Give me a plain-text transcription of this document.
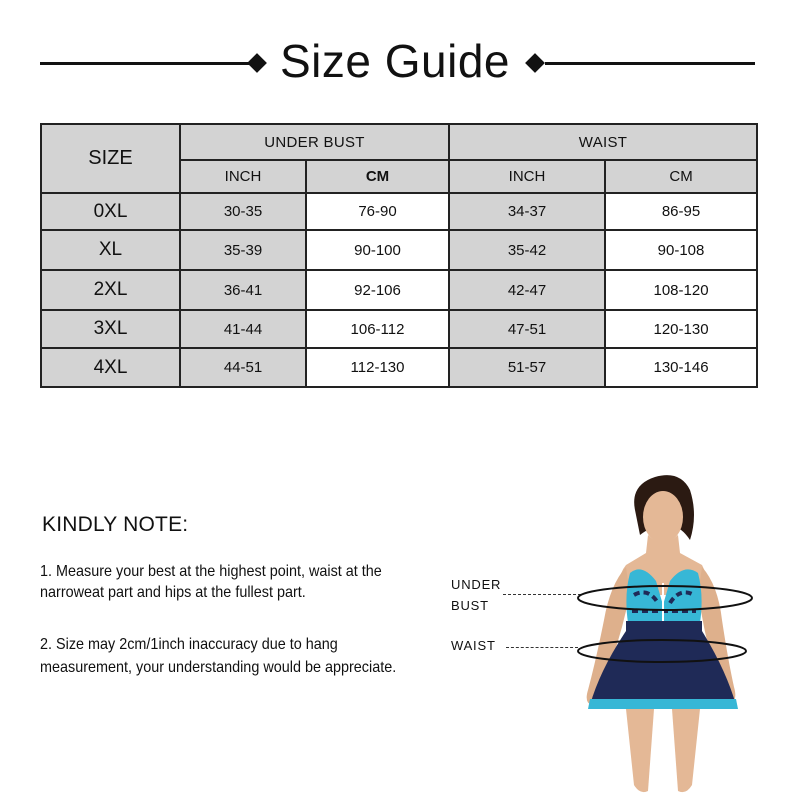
Size Guide
SIZE	UNDER BUST		WAIST	
	INCH	CM	INCH	CM
0XL	30-35	76-90	34-37	86-95
XL	35-39	90-100	35-42	90-108
2XL	36-41	92-106	42-47	108-120
3XL	41-44	106-112	47-51	120-130
4XL	44-51	112-130	51-57	130-146
KINDLY NOTE:
1. Measure your best at the highest point, waist at the
narroweat part and hips at the fullest part.
2. Size may 2cm/1inch inaccuracy due to hang
measurement, your understanding would be appreciate.
UNDER
BUST
WAIST
